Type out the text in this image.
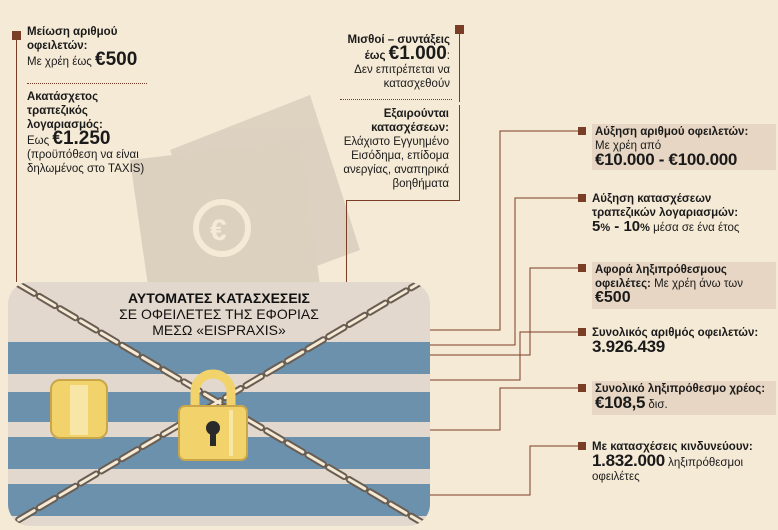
€
Μείωση αριθμού οφειλετών:
Με χρέη έως €500
Ακατάσχετος τραπεζικός λογαριασμός:
Εως €1.250
(προϋπόθεση να είναι δηλωμένος στο TAXIS)
Μισθοί – συντάξεις
έως €1.000:
Δεν επιτρέπεται να κατασχεθούν
Εξαιρούνται κατασχέσεων:
Ελάχιστο Εγγυημένο Εισόδημα, επίδομα ανεργίας, αναπηρικά βοηθήματα
Αύξηση αριθμού οφειλετών:
Με χρέη από
€10.000 - €100.000
Αύξηση κατασχέσεων τραπεζικών λογαριασμών:
5% - 10% μέσα σε ένα έτος
Αφορά ληξιπρόθεσμους οφειλέτες: Με χρέη άνω των €500
Συνολικός αριθμός οφειλετών:
3.926.439
Συνολικό ληξιπρόθεσμο χρέος:
€108,5 δισ.
Με κατασχέσεις κινδυνεύουν:
1.832.000 ληξιπρόθεσμοι οφειλέτες
ΑΥΤΟΜΑΤΕΣ ΚΑΤΑΣΧΕΣΕΙΣ
ΣΕ ΟΦΕΙΛΕΤΕΣ ΤΗΣ ΕΦΟΡΙΑΣ
ΜΕΣΩ «EISPRAXIS»
